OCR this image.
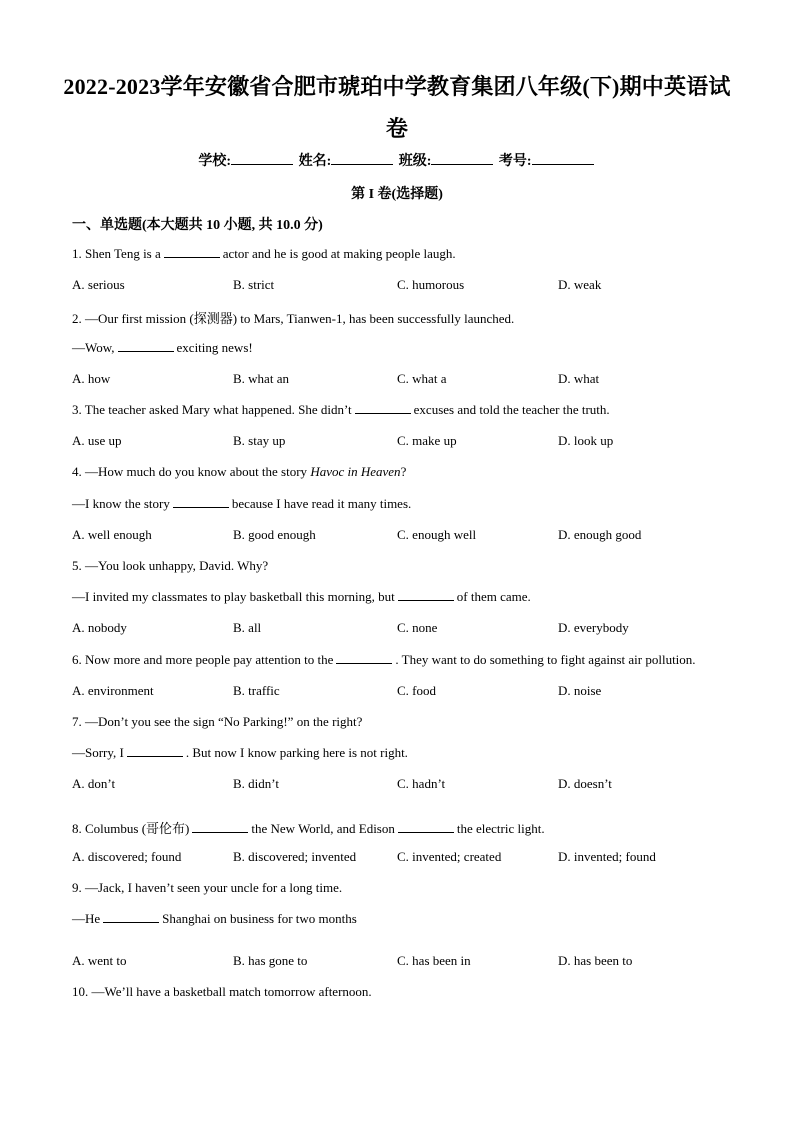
2022-2023学年安徽省合肥市琥珀中学教育集团八年级(下)期中英语试
卷
学校:	姓名:	班级:	考号:
第 I 卷(选择题)
一、单选题(本大题共 10 小题, 共 10.0 分)
1. Shen Teng is a	actor and he is good at making people laugh.
A. serious	B. strict	C. humorous	D. weak
2. —Our first mission (探测器) to Mars, Tianwen-1, has been successfully launched.
—Wow,	exciting news!
A. how	B. what an	C. what a	D. what
3. The teacher asked Mary what happened. She didn’t	excuses and told the teacher the truth.
A. use up	B. stay up	C. make up	D. look up
4. —How much do you know about the story Havoc in Heaven?
—I know the story	because I have read it many times.
A. well enough	B. good enough	C. enough well	D. enough good
5. —You look unhappy, David. Why?
—I invited my classmates to play basketball this morning, but	of them came.
A. nobody	B. all	C. none	D. everybody
6. Now more and more people pay attention to the	. They want to do something to fight against air pollution.
A. environment	B. traffic	C. food	D. noise
7. —Don’t you see the sign “No Parking!” on the right?
—Sorry, I	. But now I know parking here is not right.
A. don’t	B. didn’t	C. hadn’t	D. doesn’t
8. Columbus (哥伦布)	the New World, and Edison	the electric light.
A. discovered; found	B. discovered; invented	C. invented; created	D. invented; found
9. —Jack, I haven’t seen your uncle for a long time.
—He	Shanghai on business for two months
A. went to	B. has gone to	C. has been in	D. has been to
10. —We’ll have a basketball match tomorrow afternoon.
